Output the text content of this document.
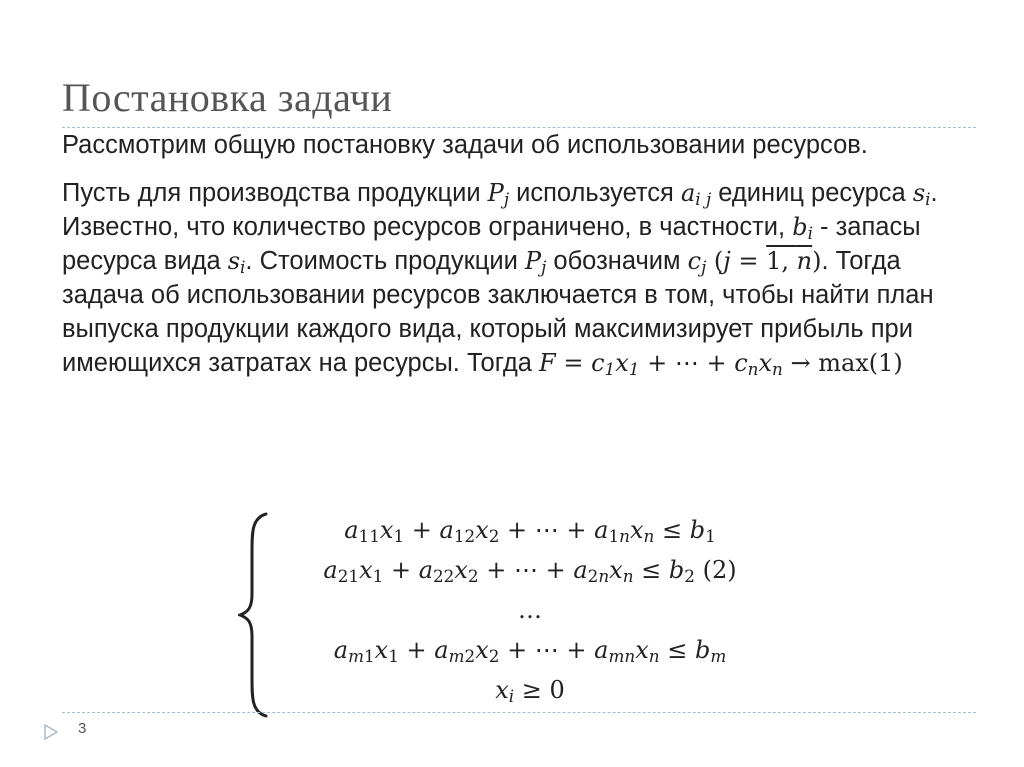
Постановка задачи

Рассмотрим общую постановку задачи об использовании ресурсов.

Пусть для производства продукции $P_j$ используется $a_{i j}$ единиц ресурса $s_i$. Известно, что количество ресурсов ограничено, в частности, $b_i$ - запасы ресурса вида $s_i$. Стоимость продукции $P_j$ обозначим $c_j$ (j = 1, n). Тогда задача об использовании ресурсов заключается в том, чтобы найти план выпуска продукции каждого вида, который максимизирует прибыль при имеющихся затратах на ресурсы. Тогда $F = c_1x_1$ + ⋯ + $c_nx_n \to \max(1)$

$a_{11}x_1 + a_{12}x_2$ + ⋯ + $a_{1n}x_n \le b_1$
$a_{21}x_1 + a_{22}x_2$ + ⋯ + $a_{2n}x_n \le b_2$ (2)
…
$a_{m1}x_1 + a_{m2}x_2$ + ⋯ + $a_{mn}x_n \le b_m$
$x_i \ge 0$
3
